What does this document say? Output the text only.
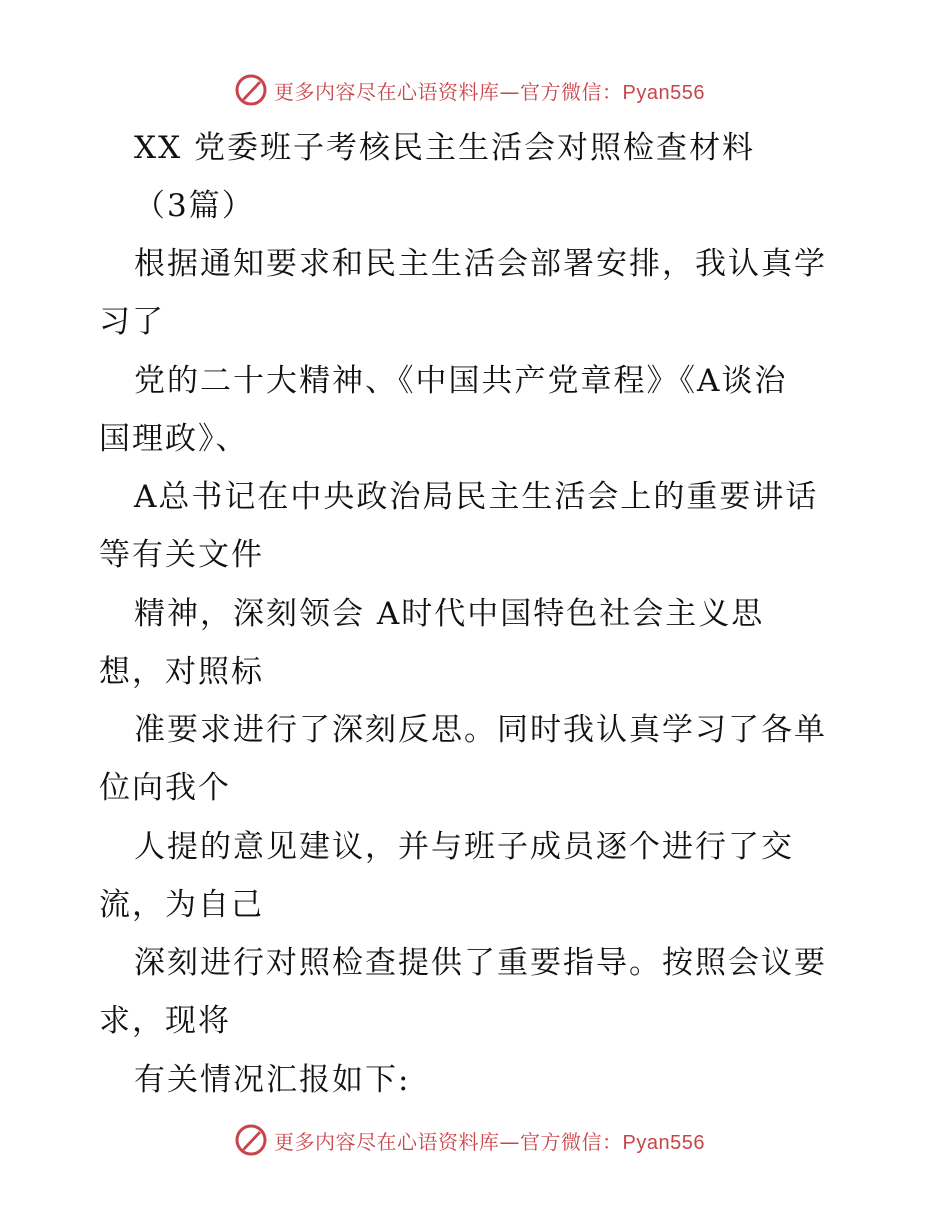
更多内容尽在心语资料库—官方微信：Pyan556
XX 党委班子考核民主生活会对照检查材料
（3篇）
根据通知要求和民主生活会部署安排，我认真学
习了
党的二十大精神、《中国共产党章程》《A谈治
国理政》、
A总书记在中央政治局民主生活会上的重要讲话
等有关文件
精神，深刻领会 A时代中国特色社会主义思
想，对照标
准要求进行了深刻反思。同时我认真学习了各单
位向我个
人提的意见建议，并与班子成员逐个进行了交
流，为自己
深刻进行对照检查提供了重要指导。按照会议要
求，现将
有关情况汇报如下:
更多内容尽在心语资料库—官方微信：Pyan556
